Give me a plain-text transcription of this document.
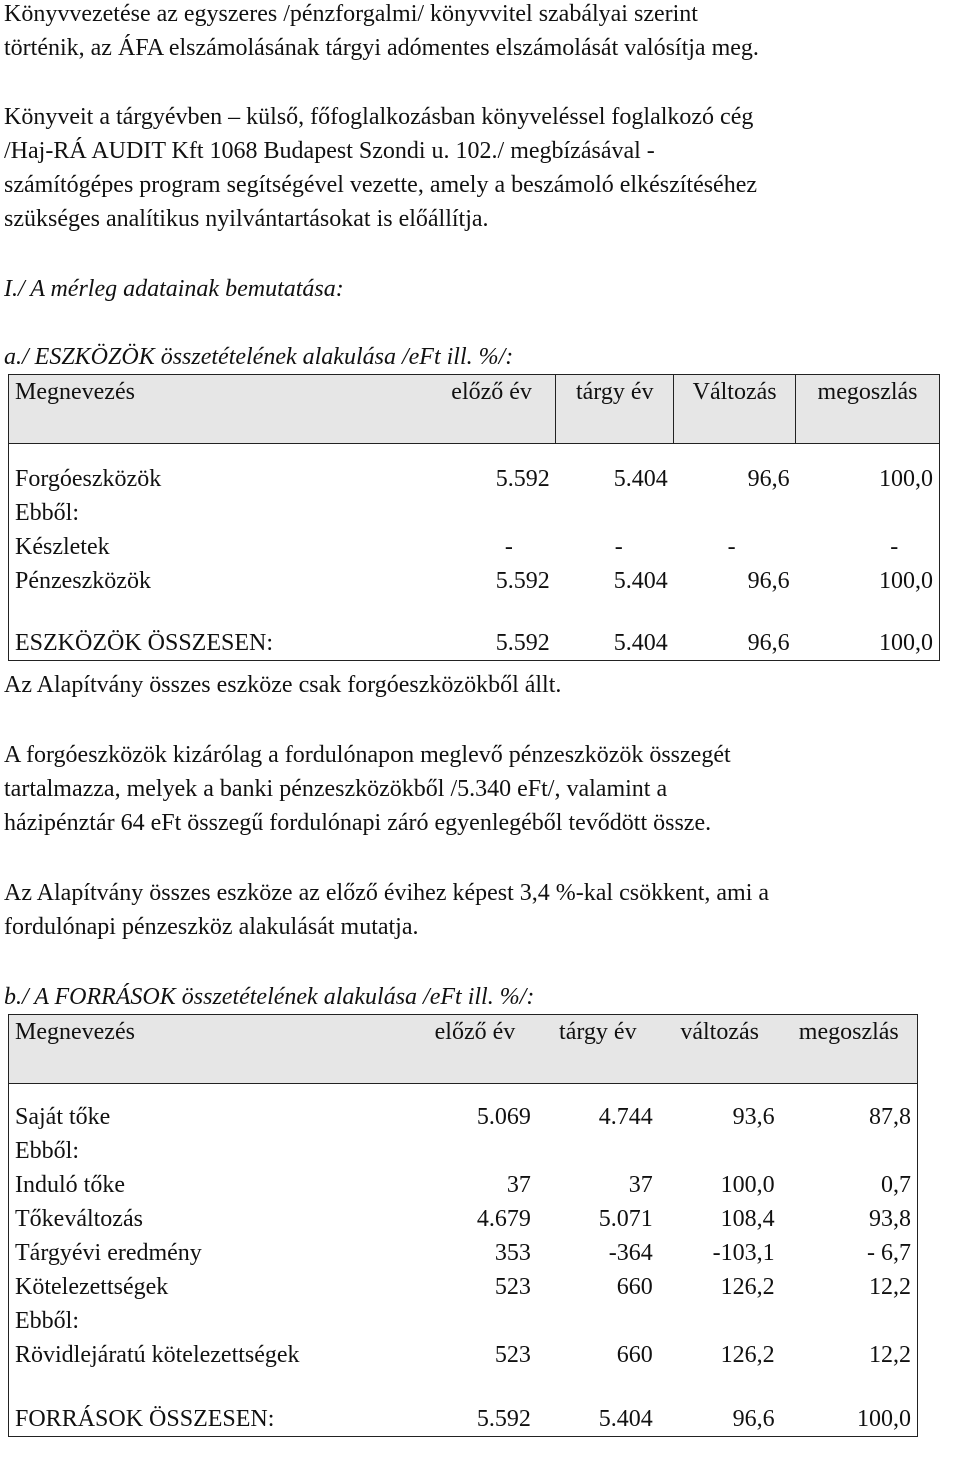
Könyvvezetése az egyszeres /pénzforgalmi/ könyvvitel szabályai szerint

történik, az ÁFA elszámolásának tárgyi adómentes elszámolását valósítja meg.

Könyveit a tárgyévben – külső, főfoglalkozásban könyveléssel foglalkozó cég

/Haj-RÁ AUDIT Kft 1068 Budapest Szondi u. 102./ megbízásával -

számítógépes program segítségével vezette, amely a beszámoló elkészítéséhez

szükséges analítikus nyilvántartásokat is előállítja.

I./ A mérleg adatainak bemutatása:

a./ ESZKÖZÖK összetételének alakulása /eFt ill. %/:

Megnevezés	előző év	tárgy év	Változás	megoszlás

Forgóeszközök	5.592	5.404	96,6	100,0
Ebből:				
Készletek	-	-	-	-
Pénzeszközök	5.592	5.404	96,6	100,0

ESZKÖZÖK ÖSSZESEN:	5.592	5.404	96,6	100,0

Az Alapítvány összes eszköze csak forgóeszközökből állt.

A forgóeszközök kizárólag a fordulónapon meglevő pénzeszközök összegét

tartalmazza, melyek a banki pénzeszközökből /5.340 eFt/, valamint a

házipénztár 64 eFt összegű fordulónapi záró egyenlegéből tevődött össze.

Az Alapítvány összes eszköze az előző évihez képest 3,4 %-kal csökkent, ami a

fordulónapi pénzeszköz alakulását mutatja.

b./ A FORRÁSOK összetételének alakulása /eFt ill. %/:

Megnevezés	előző év	tárgy év	változás	megoszlás

Saját tőke	5.069	4.744	93,6	87,8
Ebből:				
Induló tőke	37	37	100,0	0,7
Tőkeváltozás	4.679	5.071	108,4	93,8
Tárgyévi eredmény	353	-364	-103,1	- 6,7
Kötelezettségek	523	660	126,2	12,2
Ebből:				
Rövidlejáratú kötelezettségek	523	660	126,2	12,2

FORRÁSOK ÖSSZESEN:	5.592	5.404	96,6	100,0
